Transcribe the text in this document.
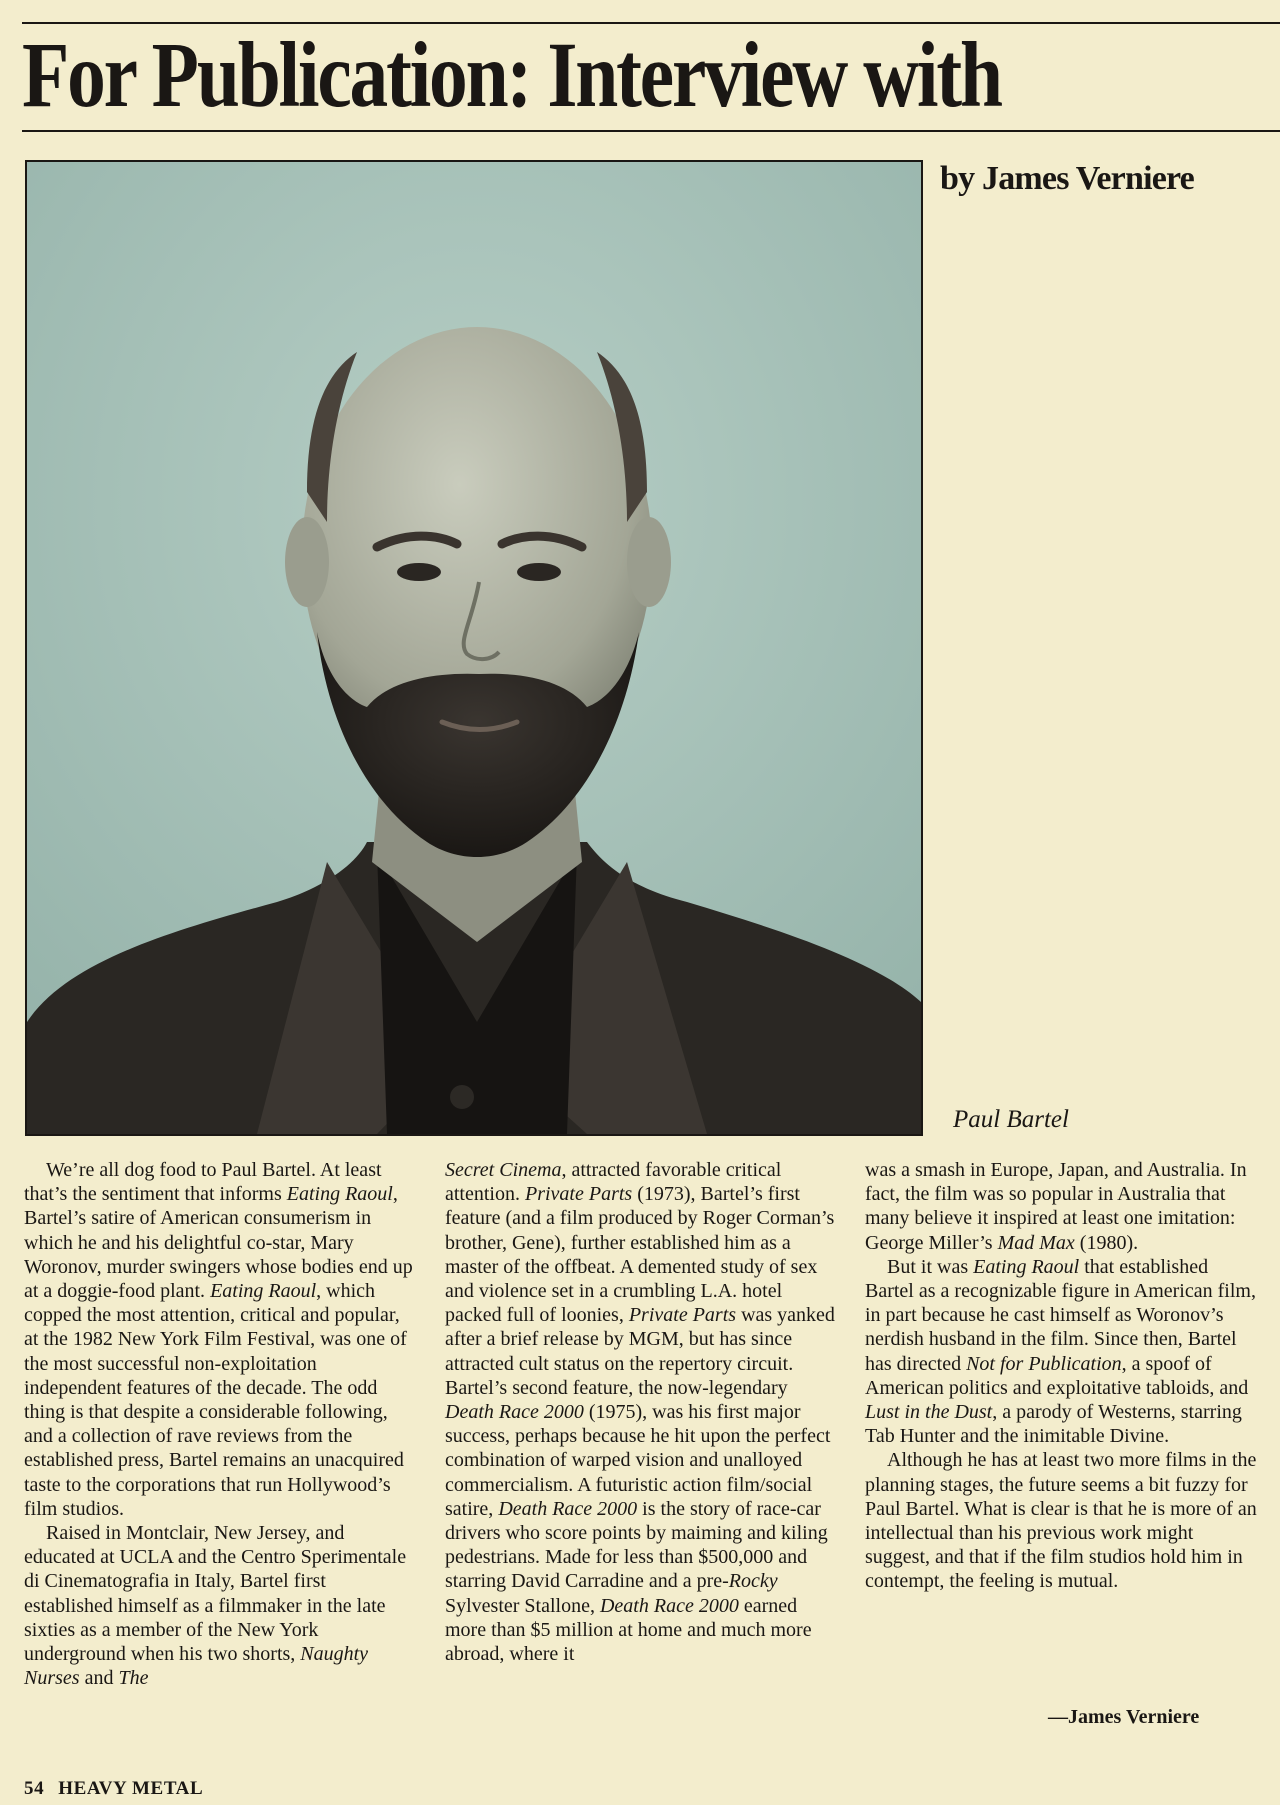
For Publication: Interview with
by James Verniere
Paul Bartel

We’re all dog food to Paul Bartel. At least that’s the sentiment that informs Eating Raoul, Bartel’s satire of American consumerism in which he and his delightful co-star, Mary Woronov, murder swingers whose bodies end up at a doggie-food plant. Eating Raoul, which copped the most attention, critical and popular, at the 1982 New York Film Festival, was one of the most successful non-exploitation independent features of the decade. The odd thing is that despite a considerable following, and a collection of rave reviews from the established press, Bartel remains an unacquired taste to the corporations that run Hollywood’s film studios.

Raised in Montclair, New Jersey, and educated at UCLA and the Centro Sperimentale di Cinematografia in Italy, Bartel first established himself as a filmmaker in the late sixties as a member of the New York underground when his two shorts, Naughty Nurses and The

Secret Cinema, attracted favorable critical attention. Private Parts (1973), Bartel’s first feature (and a film produced by Roger Corman’s brother, Gene), further established him as a master of the offbeat. A demented study of sex and violence set in a crumbling L.A. hotel packed full of loonies, Private Parts was yanked after a brief release by MGM, but has since attracted cult status on the repertory circuit. Bartel’s second feature, the now-legendary Death Race 2000 (1975), was his first major success, perhaps because he hit upon the perfect combination of warped vision and unalloyed commercialism. A futuristic action film/social satire, Death Race 2000 is the story of race-car drivers who score points by maiming and kiling pedestrians. Made for less than $500,000 and starring David Carradine and a pre-Rocky Sylvester Stallone, Death Race 2000 earned more than $5 million at home and much more abroad, where it

was a smash in Europe, Japan, and Australia. In fact, the film was so popular in Australia that many believe it inspired at least one imitation: George Miller’s Mad Max (1980).

But it was Eating Raoul that established Bartel as a recognizable figure in American film, in part because he cast himself as Woronov’s nerdish husband in the film. Since then, Bartel has directed Not for Publication, a spoof of American politics and exploitative tabloids, and Lust in the Dust, a parody of Westerns, starring Tab Hunter and the inimitable Divine.

Although he has at least two more films in the planning stages, the future seems a bit fuzzy for Paul Bartel. What is clear is that he is more of an intellectual than his previous work might suggest, and that if the film studios hold him in contempt, the feeling is mutual.

—James Verniere
54 HEAVY METAL
